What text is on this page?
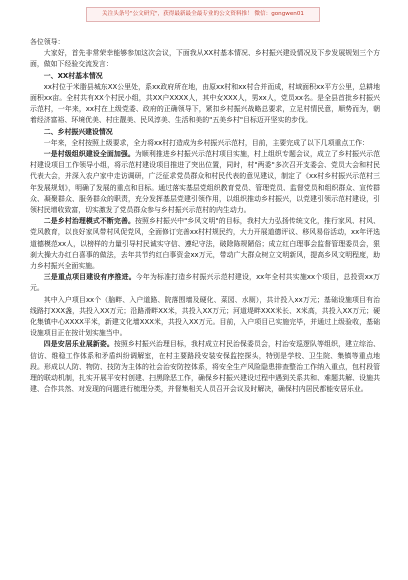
关注头条号"公文研究"，获得最新最全最专业的公文资料推！ 微信：gongwen01

各位领导：

大家好，首先非常荣幸能够参加这次会议，下面我从XX村基本情况、乡村振兴建设情况及下步发展规划三个方面，做如下经验交流发言：

一、XX村基本情况

xx村位于米脂县城东XX公里处，系xx政府所在地，由原xx村和xx村合并而成，村域面积xx平方公里，总耕地面积xx亩。全村共有XX个村民小组，共XX户XXXX人，其中女XXX人，男xx人，党员xx名。是全县首批乡村振兴示范村，一年来，xx村在上级党委、政府的正确领导下，紧扣乡村振兴战略总要求，立足村情民意，顺势而为，朝着经济富裕、环境优美、村庄靓美、民风淳美、生活和美的"五美乡村"目标迈开坚实的步伐。

二、乡村振兴建设情况

一年来，全村按照上级要求，全力将xx村打造成为乡村振兴示范村，目前，主要完成了以下几项重点工作：

一是村级组织建设全面加强。为顺利推进乡村振兴示范村项目实施，村上组织专题会议，成立了乡村振兴示范村建设项目工作领导小组，将示范村建设项目推进了突出位置，同时，村"两委"多次召开支委会、党员大会和村民代表大会，并深入农户家中走访调研，广泛征求党员群众和村民代表的意见建议，制定了《xx村乡村振兴示范村三年发展规划》，明确了发展的重点和目标。通过落实基层党组织教育党员、管理党员、监督党员和组织群众、宣传群众、凝聚群众、服务群众的职责，充分发挥基层党建引领作用，以组织推动乡村振兴，以党建引领示范村建设，引领村民增收致富，切实激发了党员群众参与乡村振兴示范村的内生动力。

二是乡村治理模式不断完善。按照乡村振兴中"乡风文明"的目标，我村大力弘扬传统文化，推行家风、村风、党风教育，以良好家风带村风促党风，全面修订完善xx村村规民约，大力开展道德评议、移风易俗活动，xx年评选道德模范xx人，以榜样的力量引导村民诚实守信、遵纪守法，破除陈规陋俗；成立红白理事会监督管理委员会，狠刹大操大办红白喜事的做法，去年共节约红白事资金xx万元，带动广大群众树立文明新风，提高乡风文明程度，助力乡村振兴全面实施。

三是重点项目建设有序推进。今年为标准打造乡村振兴示范村建设，xx年全村共实施xx个项目，总投资xx万元。

其中入户项目xx个（脑畔、入户道路、院落围墙及硬化、菜园、水厕），共计投入xx万元；基础设施项目有治线路打XXX盏，共投入XX万元；沿路滑畔XX米，共投入XX万元；河道堤畔XXX米长、X米高，共投入XX万元；硬化集镇中心XXXX平米，新建文化墙XXX米，共投入XX万元。目前，入户项目已实施完毕，并通过上级验收，基础设施项目正在按计划实施当中。

四是安居乐业展新姿。按照乡村振兴治理目标，我村成立村民治保委员会，村治安巡逻队等组织，建立综治、信访、维稳工作体系和矛盾纠纷调解室，在村主要路段安装安保监控探头，特别是学校、卫生院、集镇等重点地段。形成以人防、物防、技防为主体的社会治安防控体系，将安全生产风险隐患排查整治工作纳入重点，包村段管理的联动机制，扎实开展平安村创建、扫黑除恶工作，确保乡村振兴建设过程中遇到关系共和、难题共解、设施共建、合作共然、对发现的问题进行梳理分类，并督集相关人员召开会议及时解决，确保村内居民都能安居乐业。
